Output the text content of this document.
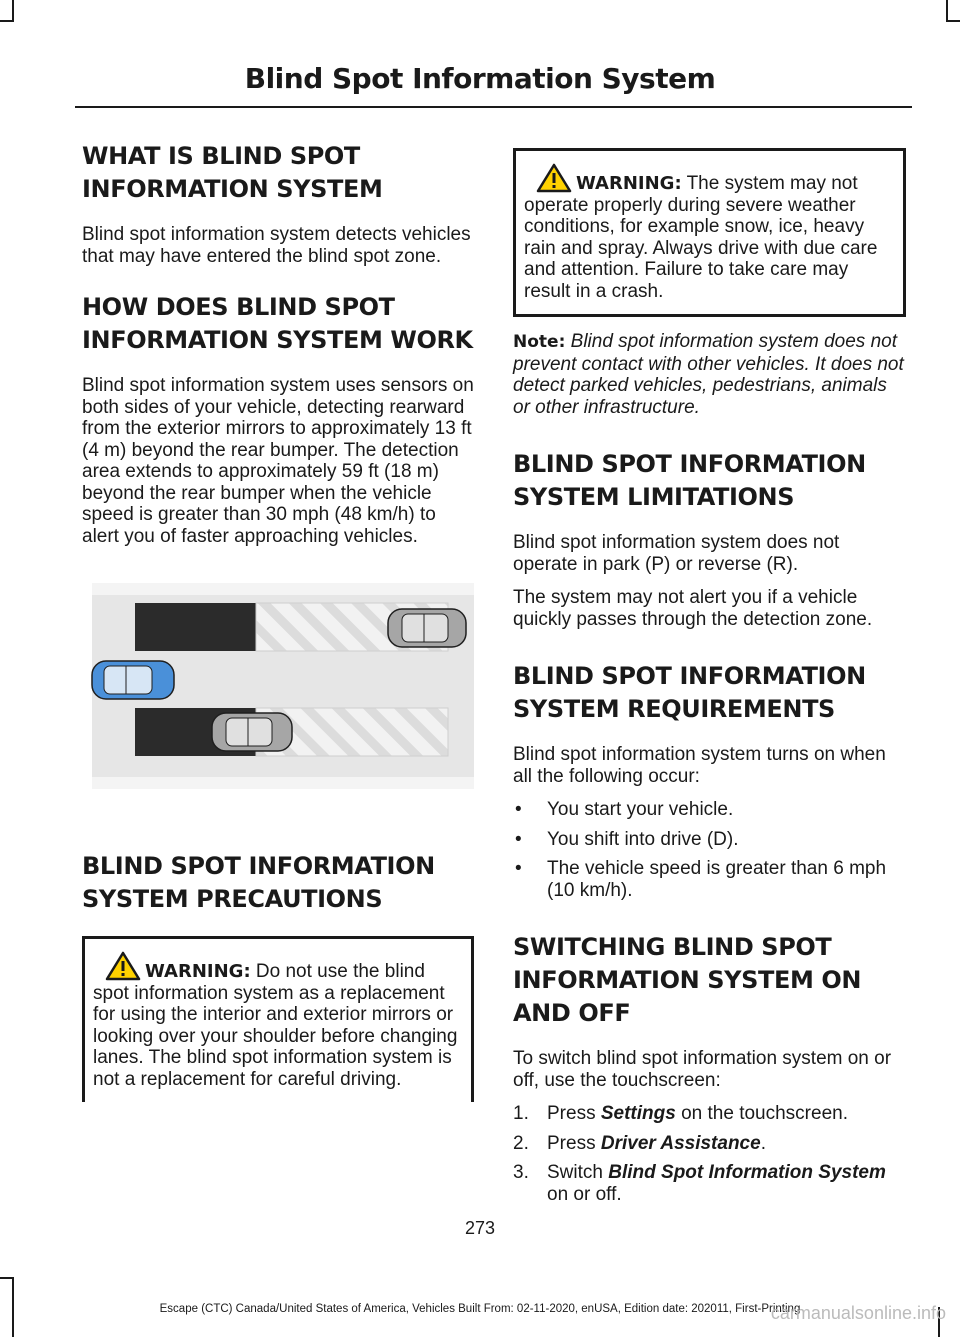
Blind Spot Information System
WHAT IS BLIND SPOT
INFORMATION SYSTEM

Blind spot information system detects vehicles that may have entered the blind spot zone.

HOW DOES BLIND SPOT
INFORMATION SYSTEM WORK

Blind spot information system uses sensors on both sides of your vehicle, detecting rearward from the exterior mirrors to approximately 13 ft (4 m) beyond the rear bumper. The detection area extends to approximately 59 ft (18 m) beyond the rear bumper when the vehicle speed is greater than 30 mph (48 km/h) to alert you of faster approaching vehicles.

BLIND SPOT INFORMATION
SYSTEM PRECAUTIONS
WARNING: Do not use the blind spot information system as a replacement for using the interior and exterior mirrors or looking over your shoulder before changing lanes. The blind spot information system is not a replacement for careful driving.
WARNING: The system may not operate properly during severe weather conditions, for example snow, ice, heavy rain and spray. Always drive with due care and attention. Failure to take care may result in a crash.

Note: Blind spot information system does not prevent contact with other vehicles. It does not detect parked vehicles, pedestrians, animals or other infrastructure.

BLIND SPOT INFORMATION
SYSTEM LIMITATIONS

Blind spot information system does not operate in park (P) or reverse (R).

The system may not alert you if a vehicle quickly passes through the detection zone.

BLIND SPOT INFORMATION
SYSTEM REQUIREMENTS

Blind spot information system turns on when all the following occur:

• You start your vehicle.
• You shift into drive (D).
• The vehicle speed is greater than 6 mph (10 km/h).
SWITCHING BLIND SPOT
INFORMATION SYSTEM ON
AND OFF

To switch blind spot information system on or off, use the touchscreen:

1. Press Settings on the touchscreen.
2. Press Driver Assistance.
3. Switch Blind Spot Information System on or off.
273
Escape (CTC) Canada/United States of America, Vehicles Built From: 02-11-2020, enUSA, Edition date: 202011, First-Printing
carmanualsonline.info
